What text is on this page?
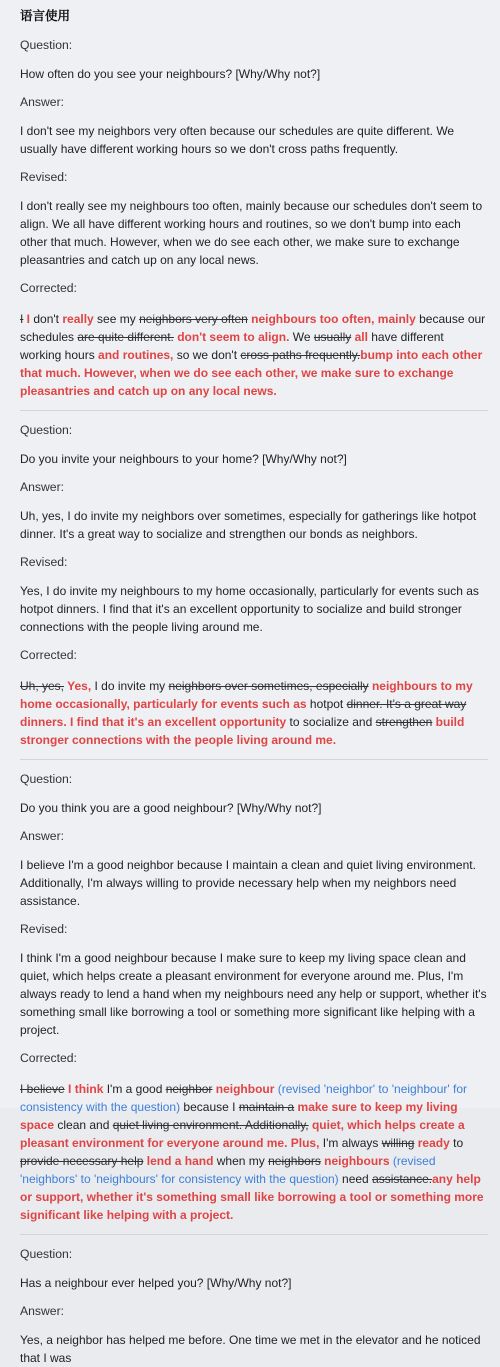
语言使用
Question:
How often do you see your neighbours? [Why/Why not?]
Answer:
I don't see my neighbors very often because our schedules are quite different. We usually have different working hours so we don't cross paths frequently.
Revised:
I don't really see my neighbours too often, mainly because our schedules don't seem to align. We all have different working hours and routines, so we don't bump into each other that much. However, when we do see each other, we make sure to exchange pleasantries and catch up on any local news.
Corrected:
I I don't really see my neighbors very often neighbours too often, mainly because our schedules are quite different. don't seem to align. We usually all have different working hours and routines, so we don't cross paths frequently.bump into each other that much. However, when we do see each other, we make sure to exchange pleasantries and catch up on any local news.
Question:
Do you invite your neighbours to your home? [Why/Why not?]
Answer:
Uh, yes, I do invite my neighbors over sometimes, especially for gatherings like hotpot dinner. It's a great way to socialize and strengthen our bonds as neighbors.
Revised:
Yes, I do invite my neighbours to my home occasionally, particularly for events such as hotpot dinners. I find that it's an excellent opportunity to socialize and build stronger connections with the people living around me.
Corrected:
Uh, yes, Yes, I do invite my neighbors over sometimes, especially neighbours to my home occasionally, particularly for events such as hotpot dinner. It's a great way dinners. I find that it's an excellent opportunity to socialize and strengthen build stronger connections with the people living around me.
Question:
Do you think you are a good neighbour? [Why/Why not?]
Answer:
I believe I'm a good neighbor because I maintain a clean and quiet living environment. Additionally, I'm always willing to provide necessary help when my neighbors need assistance.
Revised:
I think I'm a good neighbour because I make sure to keep my living space clean and quiet, which helps create a pleasant environment for everyone around me. Plus, I'm always ready to lend a hand when my neighbours need any help or support, whether it's something small like borrowing a tool or something more significant like helping with a project.
Corrected:
I believe I think I'm a good neighbor neighbour (revised 'neighbor' to 'neighbour' for consistency with the question) because I maintain a make sure to keep my living space clean and quiet living environment. Additionally, quiet, which helps create a pleasant environment for everyone around me. Plus, I'm always willing ready to provide necessary help lend a hand when my neighbors neighbours (revised 'neighbors' to 'neighbours' for consistency with the question) need assistance.any help or support, whether it's something small like borrowing a tool or something more significant like helping with a project.
Question:
Has a neighbour ever helped you? [Why/Why not?]
Answer:
Yes, a neighbor has helped me before. One time we met in the elevator and he noticed that I was
